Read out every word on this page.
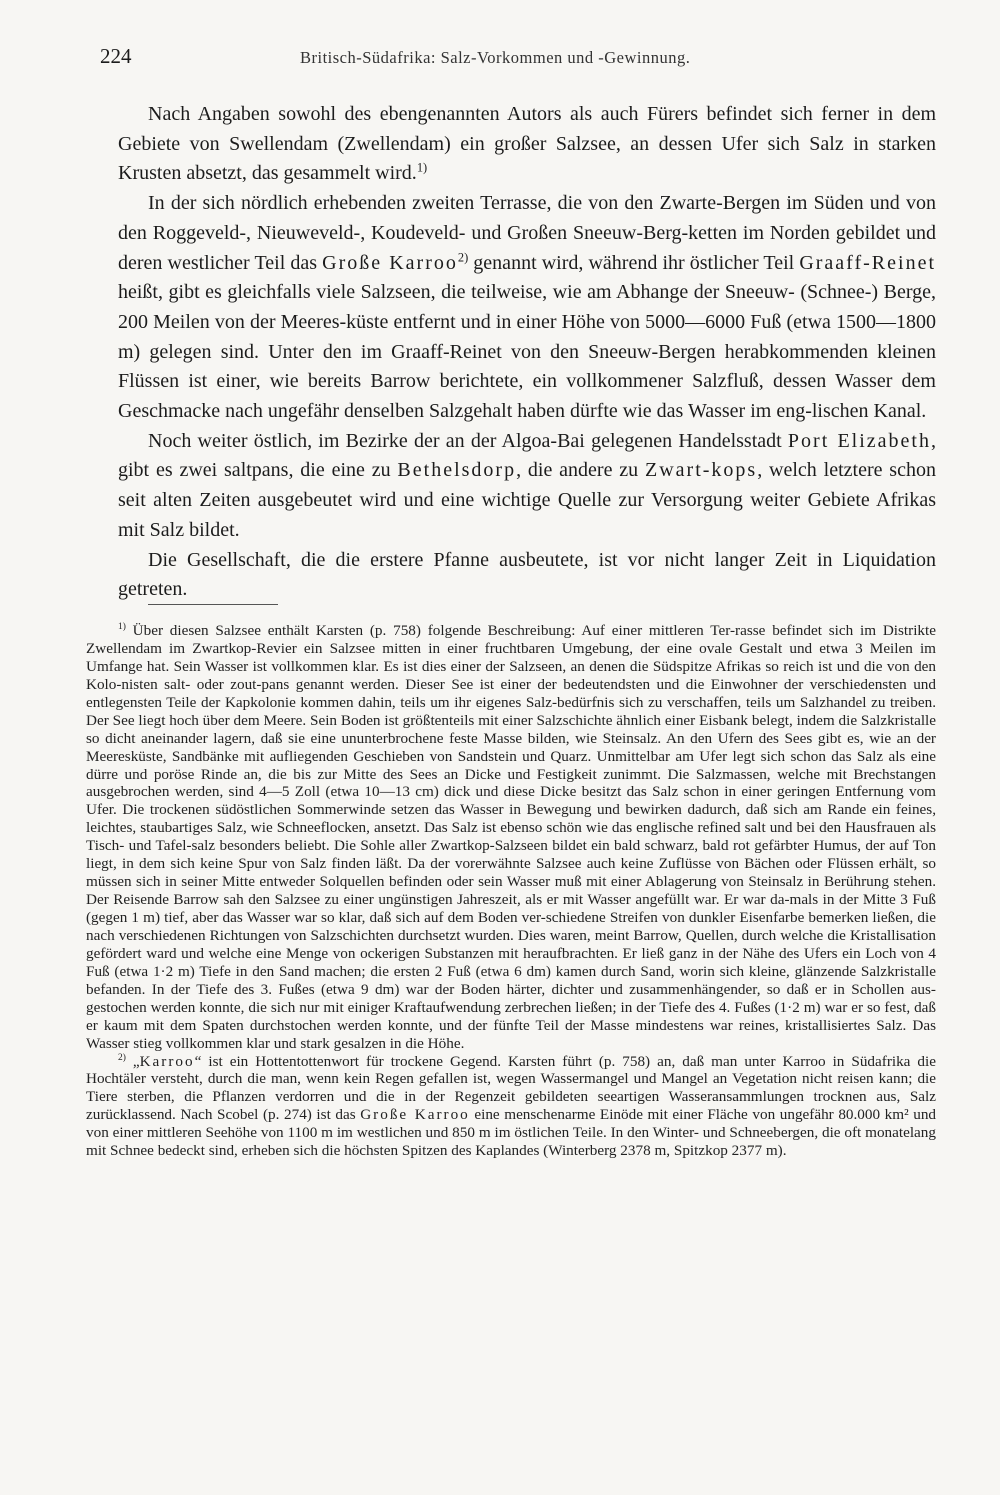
224	Britisch-Südafrika: Salz-Vorkommen und -Gewinnung.

Nach Angaben sowohl des ebengenannten Autors als auch Fürers befindet sich ferner in dem Gebiete von Swellendam (Zwellendam) ein großer Salzsee, an dessen Ufer sich Salz in starken Krusten absetzt, das gesammelt wird.$^{1)}$

In der sich nördlich erhebenden zweiten Terrasse, die von den Zwarte-Bergen im Süden und von den Roggeveld-, Nieuweveld-, Koudeveld- und Großen Sneeuw-Berg-ketten im Norden gebildet und deren westlicher Teil das Große Karroo$^{2)}$ genannt wird, während ihr östlicher Teil Graaff-Reinet heißt, gibt es gleichfalls viele Salzseen, die teilweise, wie am Abhange der Sneeuw- (Schnee-) Berge, 200 Meilen von der Meeres-küste entfernt und in einer Höhe von 5000—6000 Fuß (etwa 1500—1800 m) gelegen sind. Unter den im Graaff-Reinet von den Sneeuw-Bergen herabkommenden kleinen Flüssen ist einer, wie bereits Barrow berichtete, ein vollkommener Salzfluß, dessen Wasser dem Geschmacke nach ungefähr denselben Salzgehalt haben dürfte wie das Wasser im eng-lischen Kanal.

Noch weiter östlich, im Bezirke der an der Algoa-Bai gelegenen Handelsstadt Port Elizabeth, gibt es zwei saltpans, die eine zu Bethelsdorp, die andere zu Zwart-kops, welch letztere schon seit alten Zeiten ausgebeutet wird und eine wichtige Quelle zur Versorgung weiter Gebiete Afrikas mit Salz bildet.

Die Gesellschaft, die die erstere Pfanne ausbeutete, ist vor nicht langer Zeit in Liquidation getreten.

$^{1)}$ Über diesen Salzsee enthält Karsten (p. 758) folgende Beschreibung: Auf einer mittleren Ter-rasse befindet sich im Distrikte Zwellendam im Zwartkop-Revier ein Salzsee mitten in einer fruchtbaren Umgebung, der eine ovale Gestalt und etwa 3 Meilen im Umfange hat. Sein Wasser ist vollkommen klar. Es ist dies einer der Salzseen, an denen die Südspitze Afrikas so reich ist und die von den Kolo-nisten salt- oder zout-pans genannt werden. Dieser See ist einer der bedeutendsten und die Einwohner der verschiedensten und entlegensten Teile der Kapkolonie kommen dahin, teils um ihr eigenes Salz-bedürfnis sich zu verschaffen, teils um Salzhandel zu treiben. Der See liegt hoch über dem Meere. Sein Boden ist größtenteils mit einer Salzschichte ähnlich einer Eisbank belegt, indem die Salzkristalle so dicht aneinander lagern, daß sie eine ununterbrochene feste Masse bilden, wie Steinsalz. An den Ufern des Sees gibt es, wie an der Meeresküste, Sandbänke mit aufliegenden Geschieben von Sandstein und Quarz. Unmittelbar am Ufer legt sich schon das Salz als eine dürre und poröse Rinde an, die bis zur Mitte des Sees an Dicke und Festigkeit zunimmt. Die Salzmassen, welche mit Brechstangen ausgebrochen werden, sind 4—5 Zoll (etwa 10—13 cm) dick und diese Dicke besitzt das Salz schon in einer geringen Entfernung vom Ufer. Die trockenen südöstlichen Sommerwinde setzen das Wasser in Bewegung und bewirken dadurch, daß sich am Rande ein feines, leichtes, staubartiges Salz, wie Schneeflocken, ansetzt. Das Salz ist ebenso schön wie das englische refined salt und bei den Hausfrauen als Tisch- und Tafel-salz besonders beliebt. Die Sohle aller Zwartkop-Salzseen bildet ein bald schwarz, bald rot gefärbter Humus, der auf Ton liegt, in dem sich keine Spur von Salz finden läßt. Da der vorerwähnte Salzsee auch keine Zuflüsse von Bächen oder Flüssen erhält, so müssen sich in seiner Mitte entweder Solquellen befinden oder sein Wasser muß mit einer Ablagerung von Steinsalz in Berührung stehen. Der Reisende Barrow sah den Salzsee zu einer ungünstigen Jahreszeit, als er mit Wasser angefüllt war. Er war da-mals in der Mitte 3 Fuß (gegen 1 m) tief, aber das Wasser war so klar, daß sich auf dem Boden ver-schiedene Streifen von dunkler Eisenfarbe bemerken ließen, die nach verschiedenen Richtungen von Salzschichten durchsetzt wurden. Dies waren, meint Barrow, Quellen, durch welche die Kristallisation gefördert ward und welche eine Menge von ockerigen Substanzen mit heraufbrachten. Er ließ ganz in der Nähe des Ufers ein Loch von 4 Fuß (etwa 1·2 m) Tiefe in den Sand machen; die ersten 2 Fuß (etwa 6 dm) kamen durch Sand, worin sich kleine, glänzende Salzkristalle befanden. In der Tiefe des 3. Fußes (etwa 9 dm) war der Boden härter, dichter und zusammenhängender, so daß er in Schollen aus-gestochen werden konnte, die sich nur mit einiger Kraftaufwendung zerbrechen ließen; in der Tiefe des 4. Fußes (1·2 m) war er so fest, daß er kaum mit dem Spaten durchstochen werden konnte, und der fünfte Teil der Masse mindestens war reines, kristallisiertes Salz. Das Wasser stieg vollkommen klar und stark gesalzen in die Höhe.

$^{2)}$ „Karroo“ ist ein Hottentottenwort für trockene Gegend. Karsten führt (p. 758) an, daß man unter Karroo in Südafrika die Hochtäler versteht, durch die man, wenn kein Regen gefallen ist, wegen Wassermangel und Mangel an Vegetation nicht reisen kann; die Tiere sterben, die Pflanzen verdorren und die in der Regenzeit gebildeten seeartigen Wasseransammlungen trocknen aus, Salz zurücklassend. Nach Scobel (p. 274) ist das Große Karroo eine menschenarme Einöde mit einer Fläche von ungefähr 80.000 km² und von einer mittleren Seehöhe von 1100 m im westlichen und 850 m im östlichen Teile. In den Winter- und Schneebergen, die oft monatelang mit Schnee bedeckt sind, erheben sich die höchsten Spitzen des Kaplandes (Winterberg 2378 m, Spitzkop 2377 m).
